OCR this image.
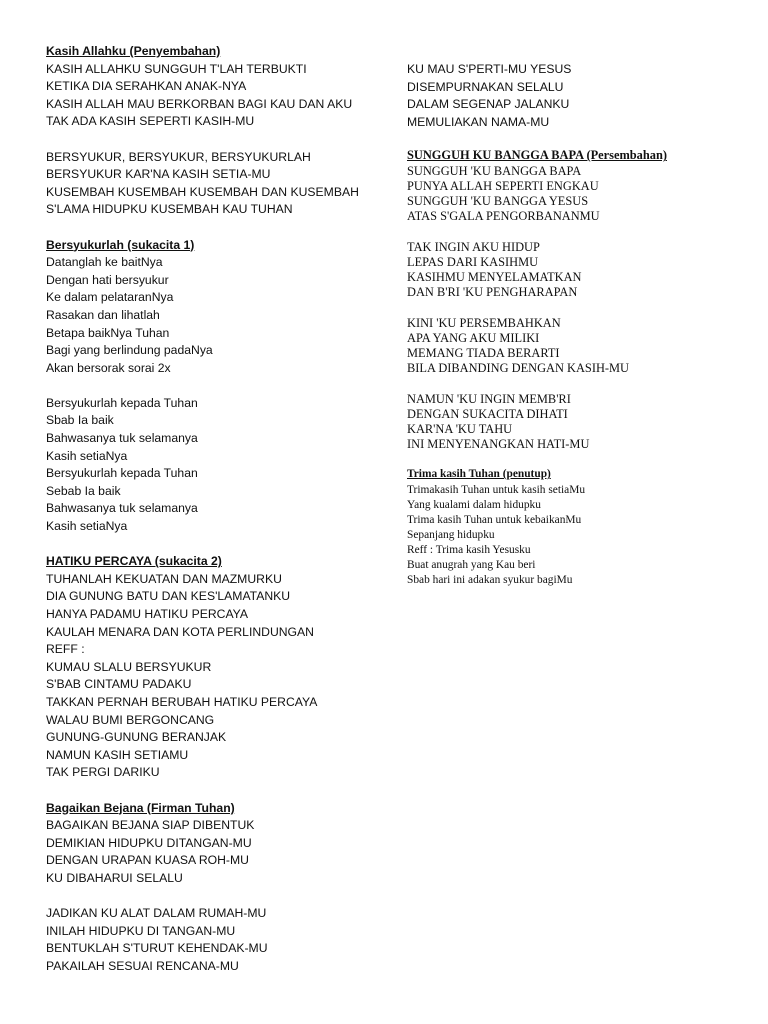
Kasih Allahku (Penyembahan)
KASIH ALLAHKU SUNGGUH T'LAH TERBUKTI
KETIKA DIA SERAHKAN ANAK-NYA
KASIH ALLAH MAU BERKORBAN BAGI KAU DAN AKU
TAK ADA KASIH SEPERTI KASIH-MU

BERSYUKUR, BERSYUKUR, BERSYUKURLAH
BERSYUKUR KAR'NA KASIH SETIA-MU
KUSEMBAH KUSEMBAH KUSEMBAH DAN KUSEMBAH
S'LAMA HIDUPKU KUSEMBAH KAU TUHAN
Bersyukurlah (sukacita 1)
Datanglah ke baitNya
Dengan hati bersyukur
Ke dalam pelataranNya
Rasakan dan lihatlah
Betapa baikNya Tuhan
Bagi yang berlindung padaNya
Akan bersorak sorai 2x

Bersyukurlah kepada Tuhan
Sbab Ia baik
Bahwasanya tuk selamanya
Kasih setiaNya
Bersyukurlah kepada Tuhan
Sebab Ia baik
Bahwasanya tuk selamanya
Kasih setiaNya
HATIKU PERCAYA (sukacita 2)
TUHANLAH KEKUATAN DAN MAZMURKU
DIA GUNUNG BATU DAN KES'LAMATANKU
HANYA PADAMU HATIKU PERCAYA
KAULAH MENARA DAN KOTA PERLINDUNGAN
REFF :
KUMAU SLALU BERSYUKUR
S'BAB CINTAMU PADAKU
TAKKAN PERNAH BERUBAH HATIKU PERCAYA
WALAU BUMI BERGONCANG
GUNUNG-GUNUNG BERANJAK
NAMUN KASIH SETIAMU
TAK PERGI DARIKU
Bagaikan Bejana (Firman Tuhan)
BAGAIKAN BEJANA SIAP DIBENTUK
DEMIKIAN HIDUPKU DITANGAN-MU
DENGAN URAPAN KUASA ROH-MU
KU DIBAHARUI SELALU

JADIKAN KU ALAT DALAM RUMAH-MU
INILAH HIDUPKU DI TANGAN-MU
BENTUKLAH S'TURUT KEHENDAK-MU
PAKAILAH SESUAI RENCANA-MU
KU MAU S'PERTI-MU YESUS
DISEMPURNAKAN SELALU
DALAM SEGENAP JALANKU
MEMULIAKAN NAMA-MU
SUNGGUH KU BANGGA BAPA (Persembahan)
SUNGGUH 'KU BANGGA BAPA
PUNYA ALLAH SEPERTI ENGKAU
SUNGGUH 'KU BANGGA YESUS
ATAS S'GALA PENGORBANANMU

TAK INGIN AKU HIDUP
LEPAS DARI KASIHMU
KASIHMU MENYELAMATKAN
DAN B'RI 'KU PENGHARAPAN

KINI 'KU PERSEMBAHKAN
APA YANG AKU MILIKI
MEMANG TIADA BERARTI
BILA DIBANDING DENGAN KASIH-MU

NAMUN 'KU INGIN MEMB'RI
DENGAN SUKACITA DIHATI
KAR'NA 'KU TAHU
INI MENYENANGKAN HATI-MU
Trima kasih Tuhan (penutup)
Trimakasih Tuhan untuk kasih setiaMu
Yang kualami dalam hidupku
Trima kasih Tuhan untuk kebaikanMu
Sepanjang hidupku
Reff : Trima kasih Yesusku
Buat anugrah yang Kau beri
Sbab hari ini adakan syukur bagiMu
